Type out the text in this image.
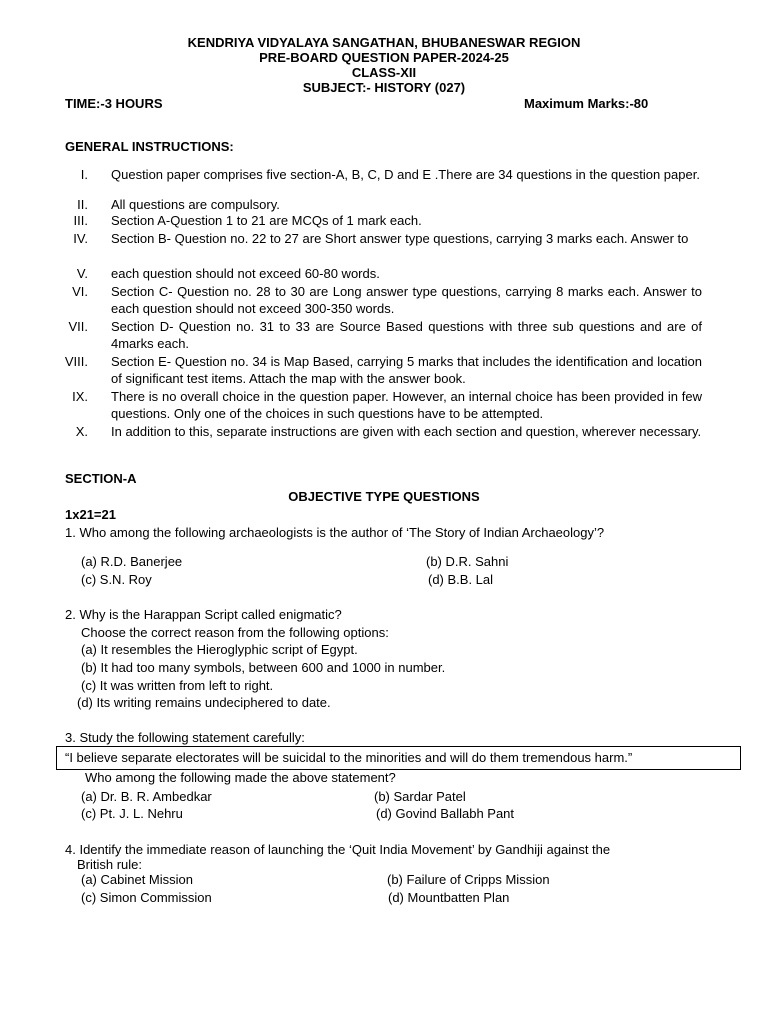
KENDRIYA VIDYALAYA SANGATHAN, BHUBANESWAR REGION
PRE-BOARD QUESTION PAPER-2024-25
CLASS-XII
SUBJECT:- HISTORY (027)
TIME:-3 HOURS	Maximum Marks:-80
GENERAL INSTRUCTIONS:
I. Question paper comprises five section-A, B, C, D and E .There are 34 questions in the question paper.
II. All questions are compulsory.
III. Section A-Question 1 to 21 are MCQs of 1 mark each.
IV. Section B- Question no. 22 to 27 are Short answer type questions, carrying 3 marks each. Answer to
V. each question should not exceed 60-80 words.
VI. Section C- Question no. 28 to 30 are Long answer type questions, carrying 8 marks each. Answer to each question should not exceed 300-350 words.
VII. Section D- Question no. 31 to 33 are Source Based questions with three sub questions and are of 4marks each.
VIII. Section E- Question no. 34 is Map Based, carrying 5 marks that includes the identification and location of significant test items. Attach the map with the answer book.
IX. There is no overall choice in the question paper. However, an internal choice has been provided in few questions. Only one of the choices in such questions have to be attempted.
X. In addition to this, separate instructions are given with each section and question, wherever necessary.
SECTION-A
OBJECTIVE TYPE QUESTIONS
1x21=21
1. Who among the following archaeologists is the author of ‘The Story of Indian Archaeology’?
(a) R.D. Banerjee	(b) D.R. Sahni
(c) S.N. Roy	(d) B.B. Lal
2. Why is the Harappan Script called enigmatic?
Choose the correct reason from the following options:
(a) It resembles the Hieroglyphic script of Egypt.
(b) It had too many symbols, between 600 and 1000 in number.
(c) It was written from left to right.
(d) Its writing remains undeciphered to date.
3. Study the following statement carefully:
“I believe separate electorates will be suicidal to the minorities and will do them tremendous harm.”
Who among the following made the above statement?
(a) Dr. B. R. Ambedkar	(b) Sardar Patel
(c) Pt. J. L. Nehru	(d) Govind Ballabh Pant
4. Identify the immediate reason of launching the ‘Quit India Movement’ by Gandhiji against the
British rule:
(a) Cabinet Mission	(b) Failure of Cripps Mission
(c) Simon Commission	(d) Mountbatten Plan
